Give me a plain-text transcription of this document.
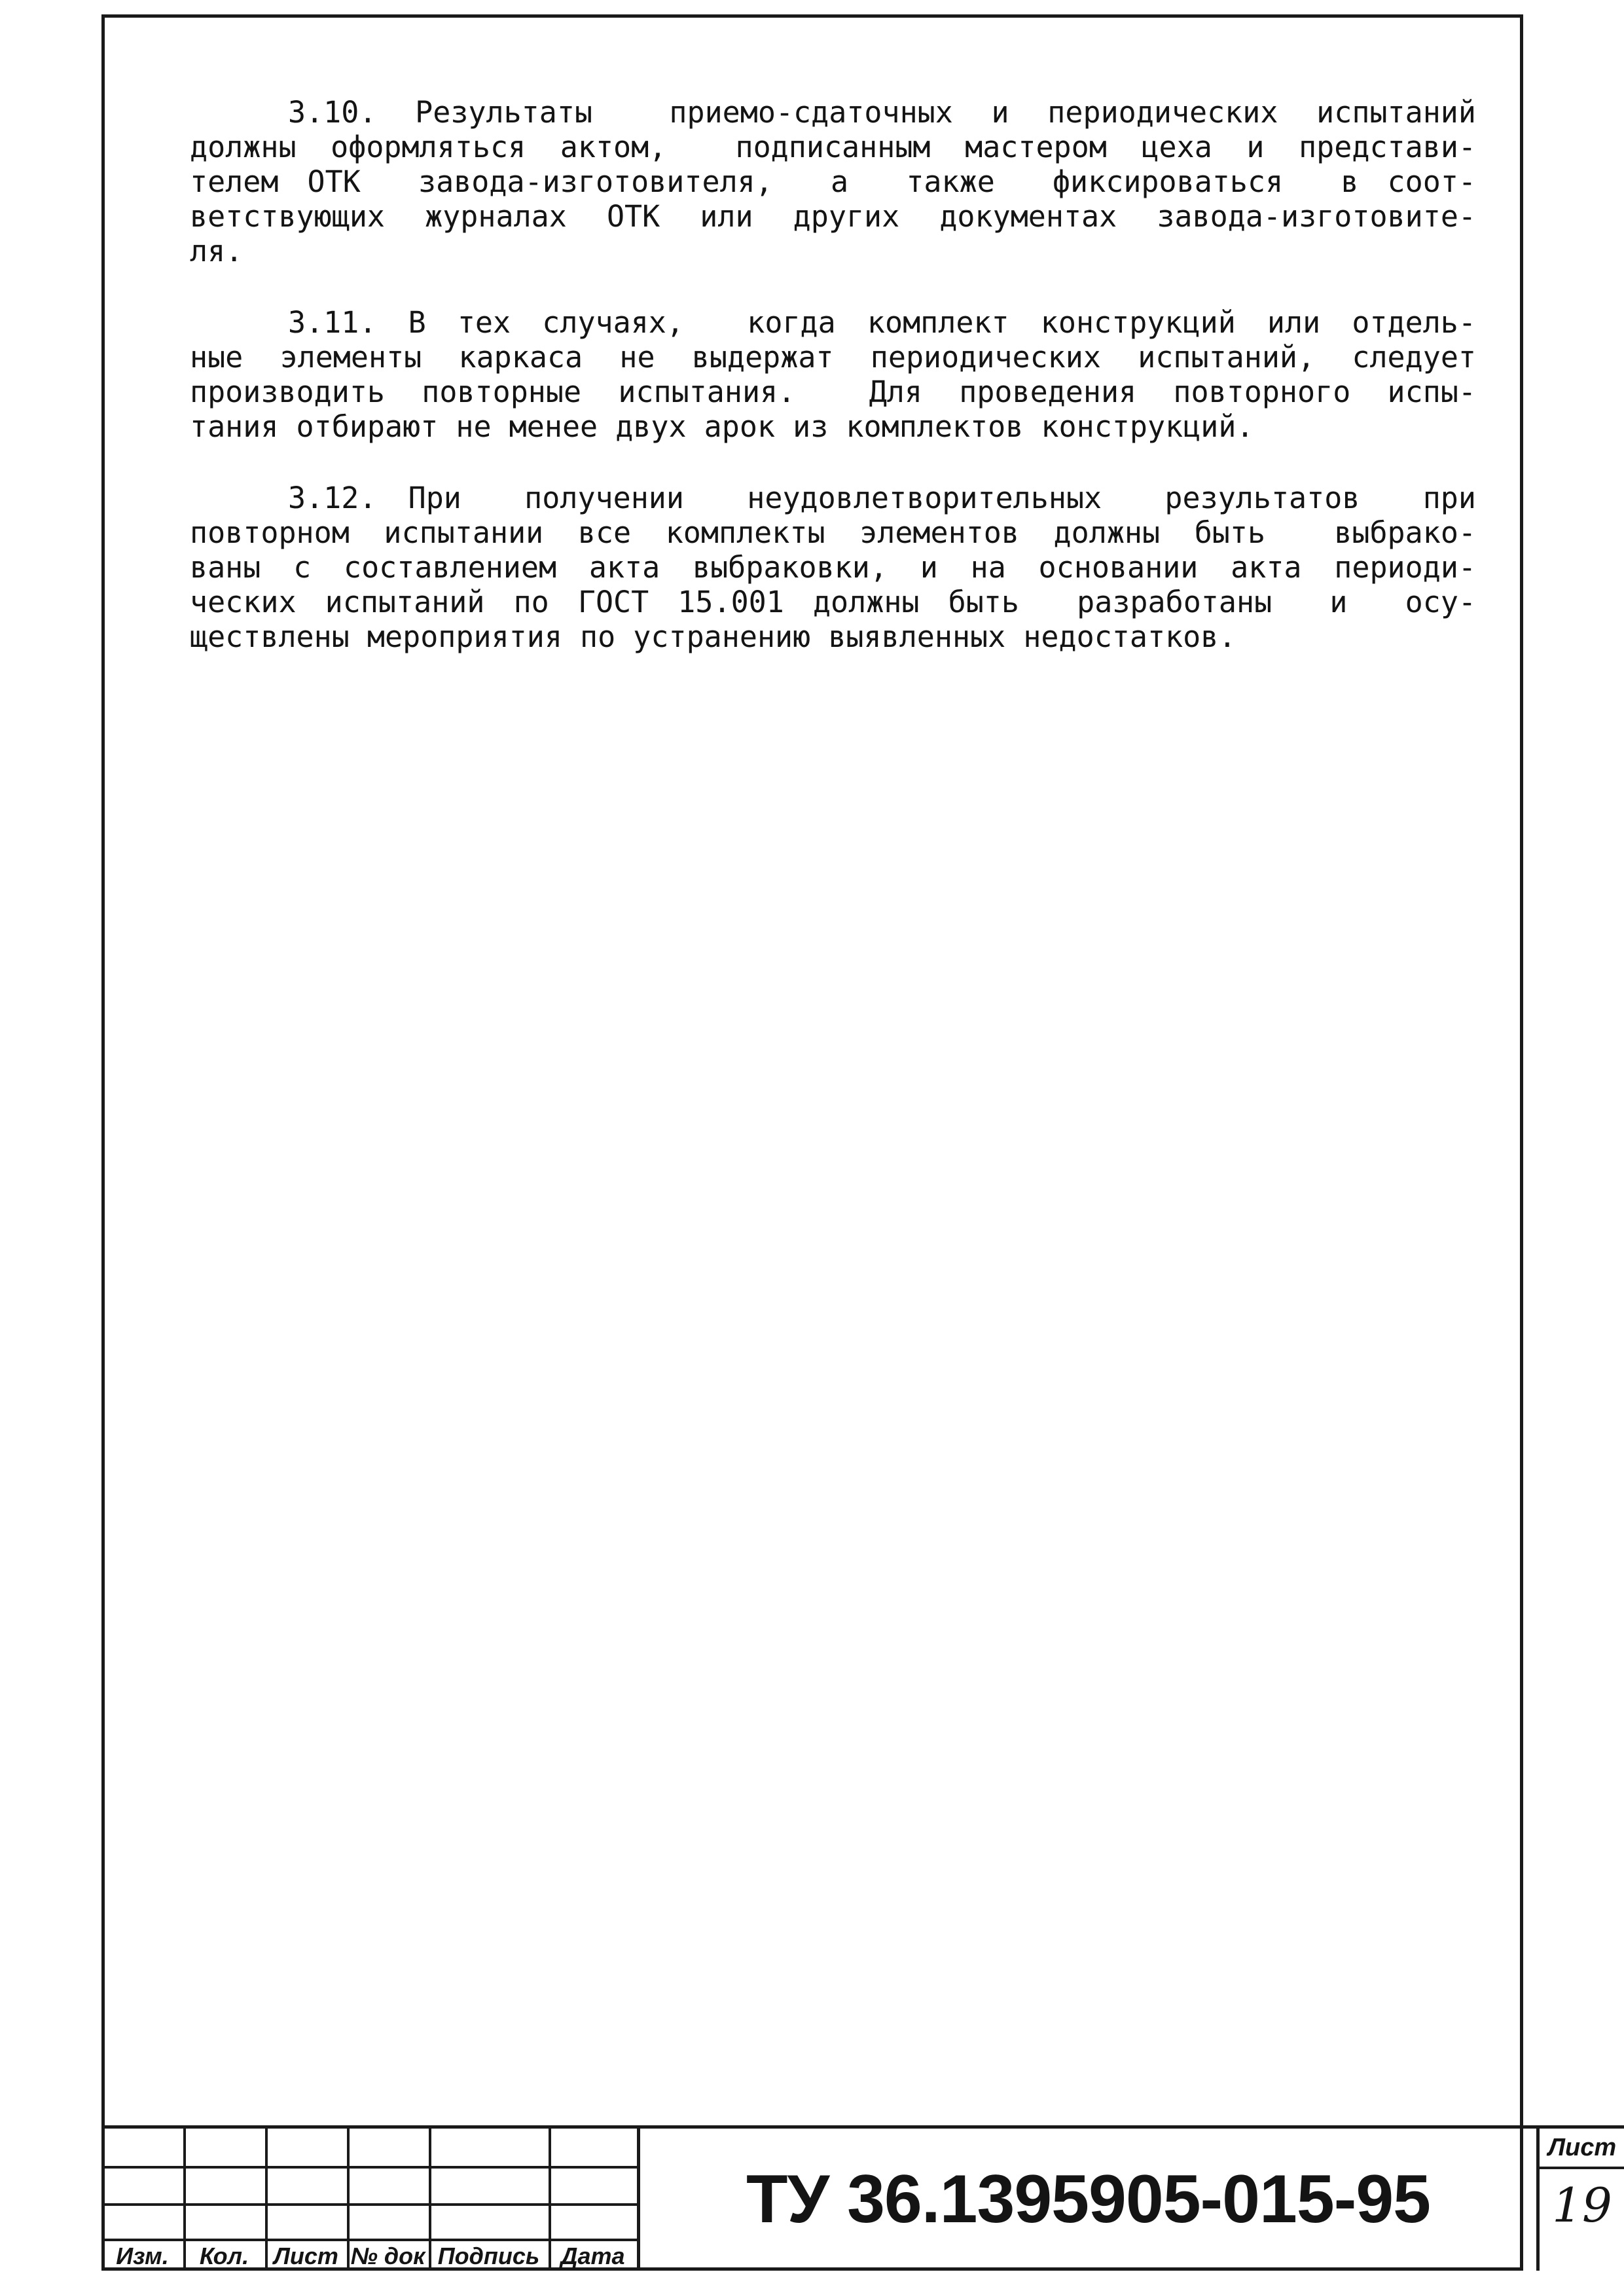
3.10. Результаты  приемо-сдаточных и периодических испытаний
должны оформляться актом,  подписанным мастером цеха и представи-
телем ОТК  завода-изготовителя,  а  также  фиксироваться  в соот-
ветствующих журналах ОТК или других документах завода-изготовите-
ля.
3.11. В тех случаях,  когда комплект конструкций или отдель-
ные элементы каркаса не выдержат периодических испытаний, следует
производить повторные испытания.  Для проведения повторного испы-
тания отбирают не менее двух арок из комплектов конструкций.
3.12. При  получении  неудовлетворительных  результатов  при
повторном испытании все комплекты элементов должны быть  выбрако-
ваны с составлением акта выбраковки, и на основании акта периоди-
ческих испытаний по ГОСТ 15.001 должны быть  разработаны  и  осу-
ществлены мероприятия по устранению выявленных недостатков.
Изм.	Кол.	Лист № док Подпись Дата
ТУ 36.1395905-015-95
Лист
19
